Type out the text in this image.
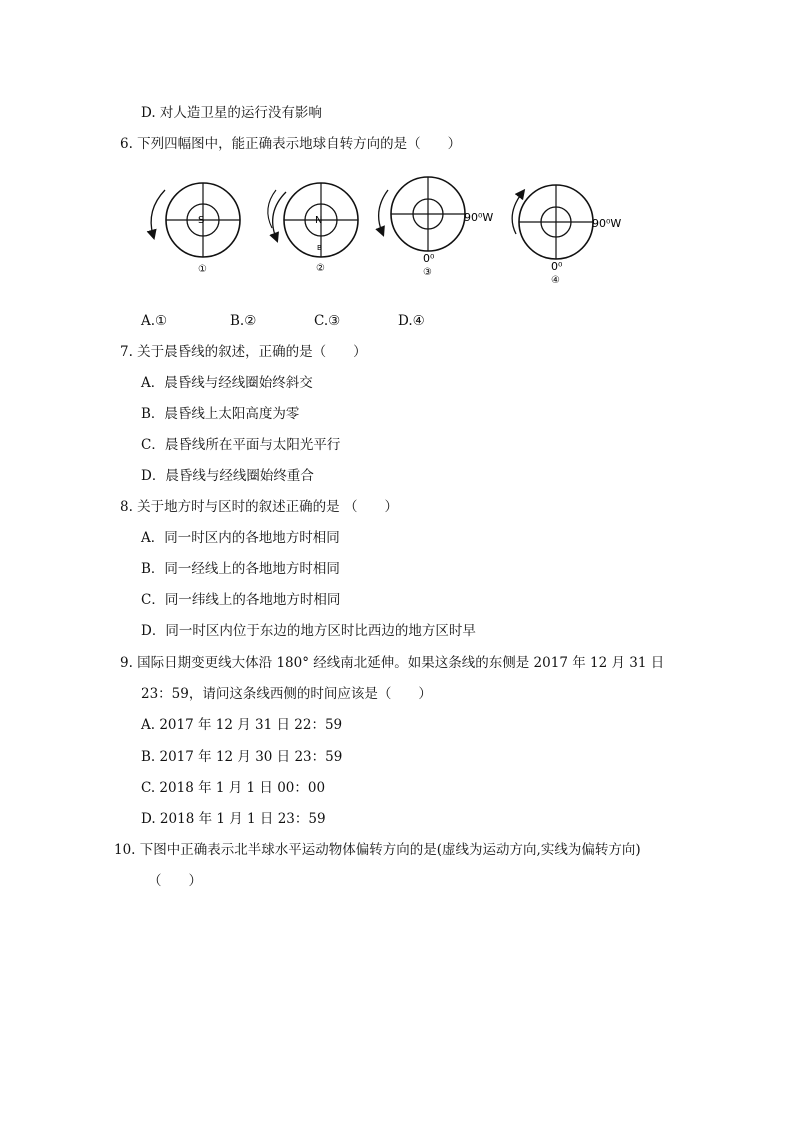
D. 对人造卫星的运行没有影响
6. 下列四幅图中，能正确表示地球自转方向的是（　　）
S
①
N
B
②
90⁰W
0⁰
③
90⁰W
0⁰
④
A.①	B.②	C.③	D.④
7. 关于晨昏线的叙述，正确的是（　　）
A．晨昏线与经线圈始终斜交
B．晨昏线上太阳高度为零
C．晨昏线所在平面与太阳光平行
D．晨昏线与经线圈始终重合
8. 关于地方时与区时的叙述正确的是 （　　）
A．同一时区内的各地地方时相同
B．同一经线上的各地地方时相同
C．同一纬线上的各地地方时相同
D．同一时区内位于东边的地方区时比西边的地方区时早
9. 国际日期变更线大体沿 180° 经线南北延伸。如果这条线的东侧是 2017 年 12 月 31 日
23：59，请问这条线西侧的时间应该是（　　）
A. 2017 年 12 月 31 日 22：59
B. 2017 年 12 月 30 日 23：59
C. 2018 年 1 月 1 日 00：00
D. 2018 年 1 月 1 日 23：59
10. 下图中正确表示北半球水平运动物体偏转方向的是(虚线为运动方向,实线为偏转方向)
（　　）
